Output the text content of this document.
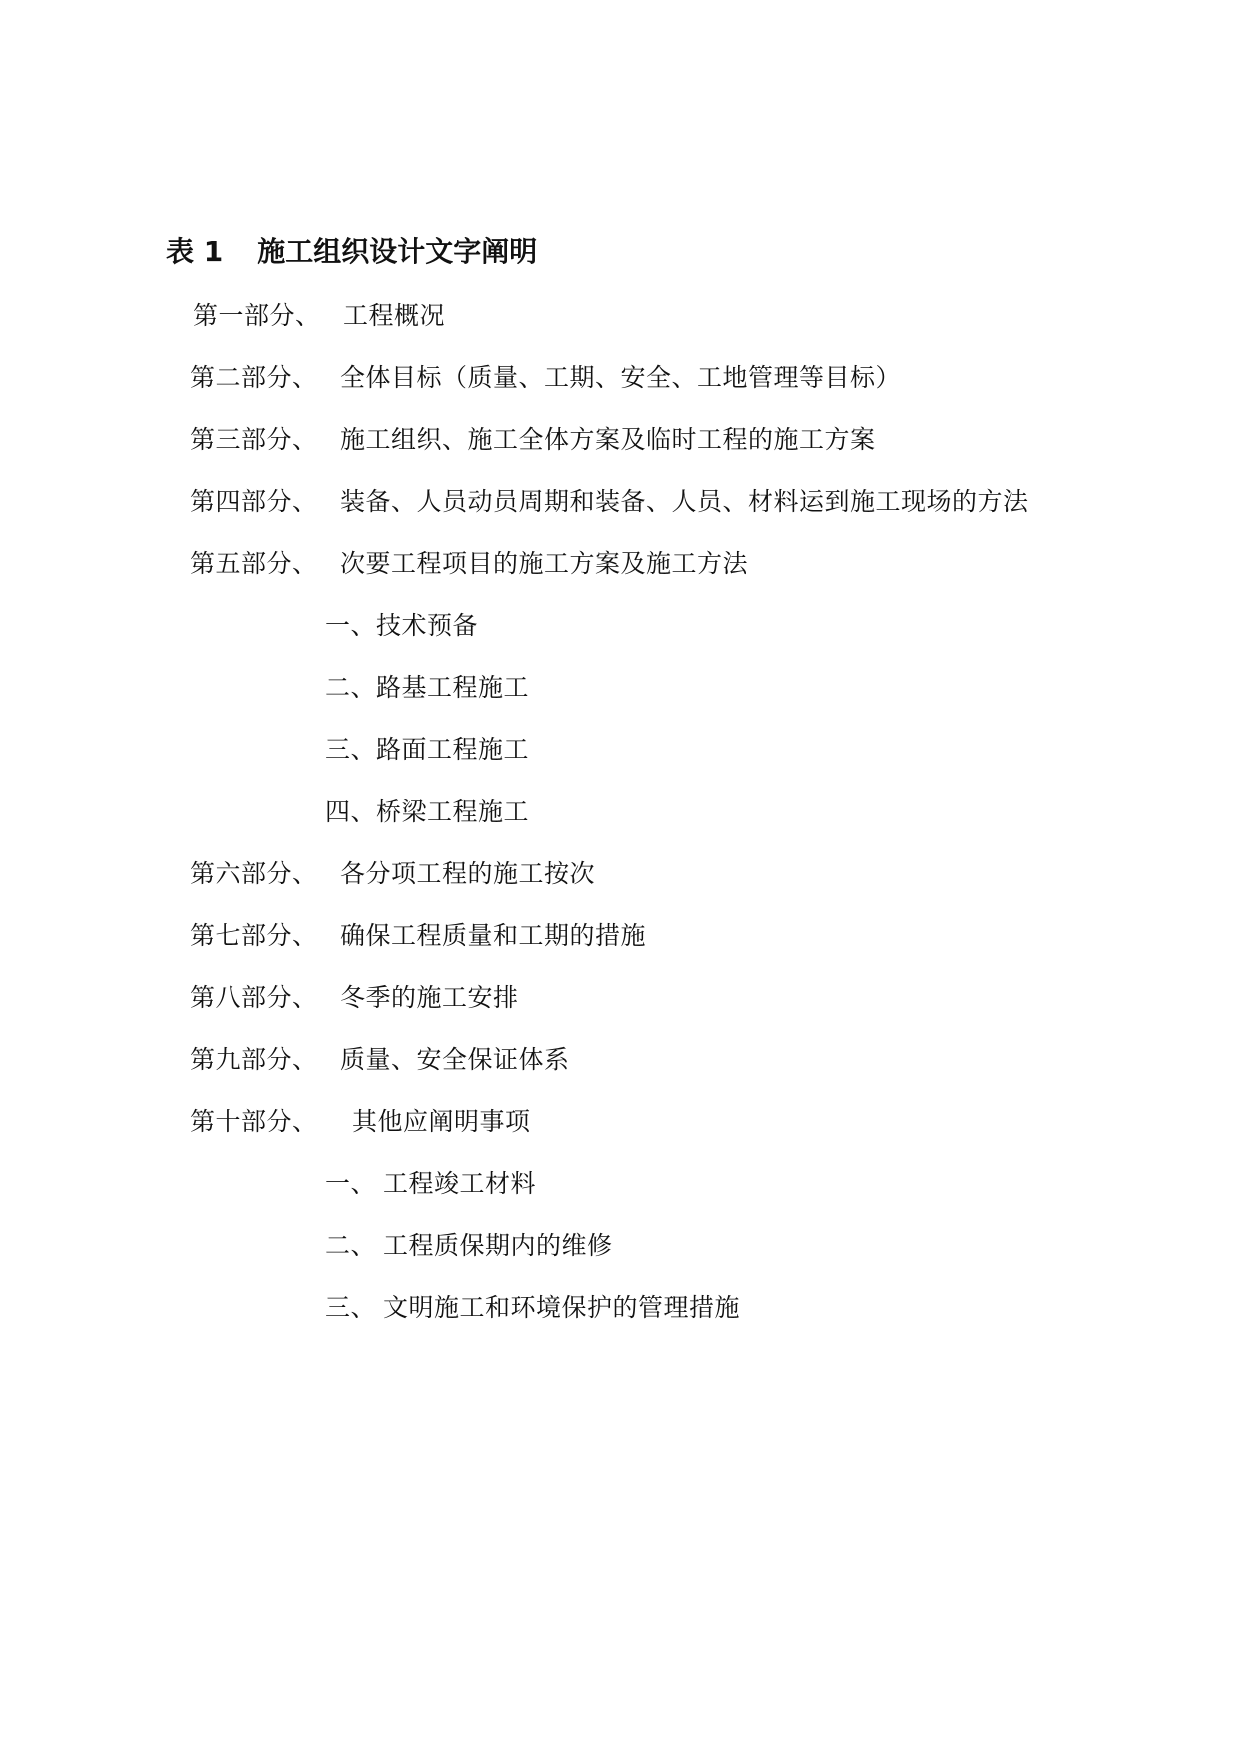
表 1 施工组织设计文字阐明
第一部分、 工程概况
第二部分、 全体目标（质量、工期、安全、工地管理等目标）
第三部分、 施工组织、施工全体方案及临时工程的施工方案
第四部分、 装备、人员动员周期和装备、人员、材料运到施工现场的方法
第五部分、 次要工程项目的施工方案及施工方法
一、技术预备
二、路基工程施工
三、路面工程施工
四、桥梁工程施工
第六部分、 各分项工程的施工按次
第七部分、 确保工程质量和工期的措施
第八部分、 冬季的施工安排
第九部分、 质量、安全保证体系
第十部分、 其他应阐明事项
一、 工程竣工材料
二、 工程质保期内的维修
三、 文明施工和环境保护的管理措施
